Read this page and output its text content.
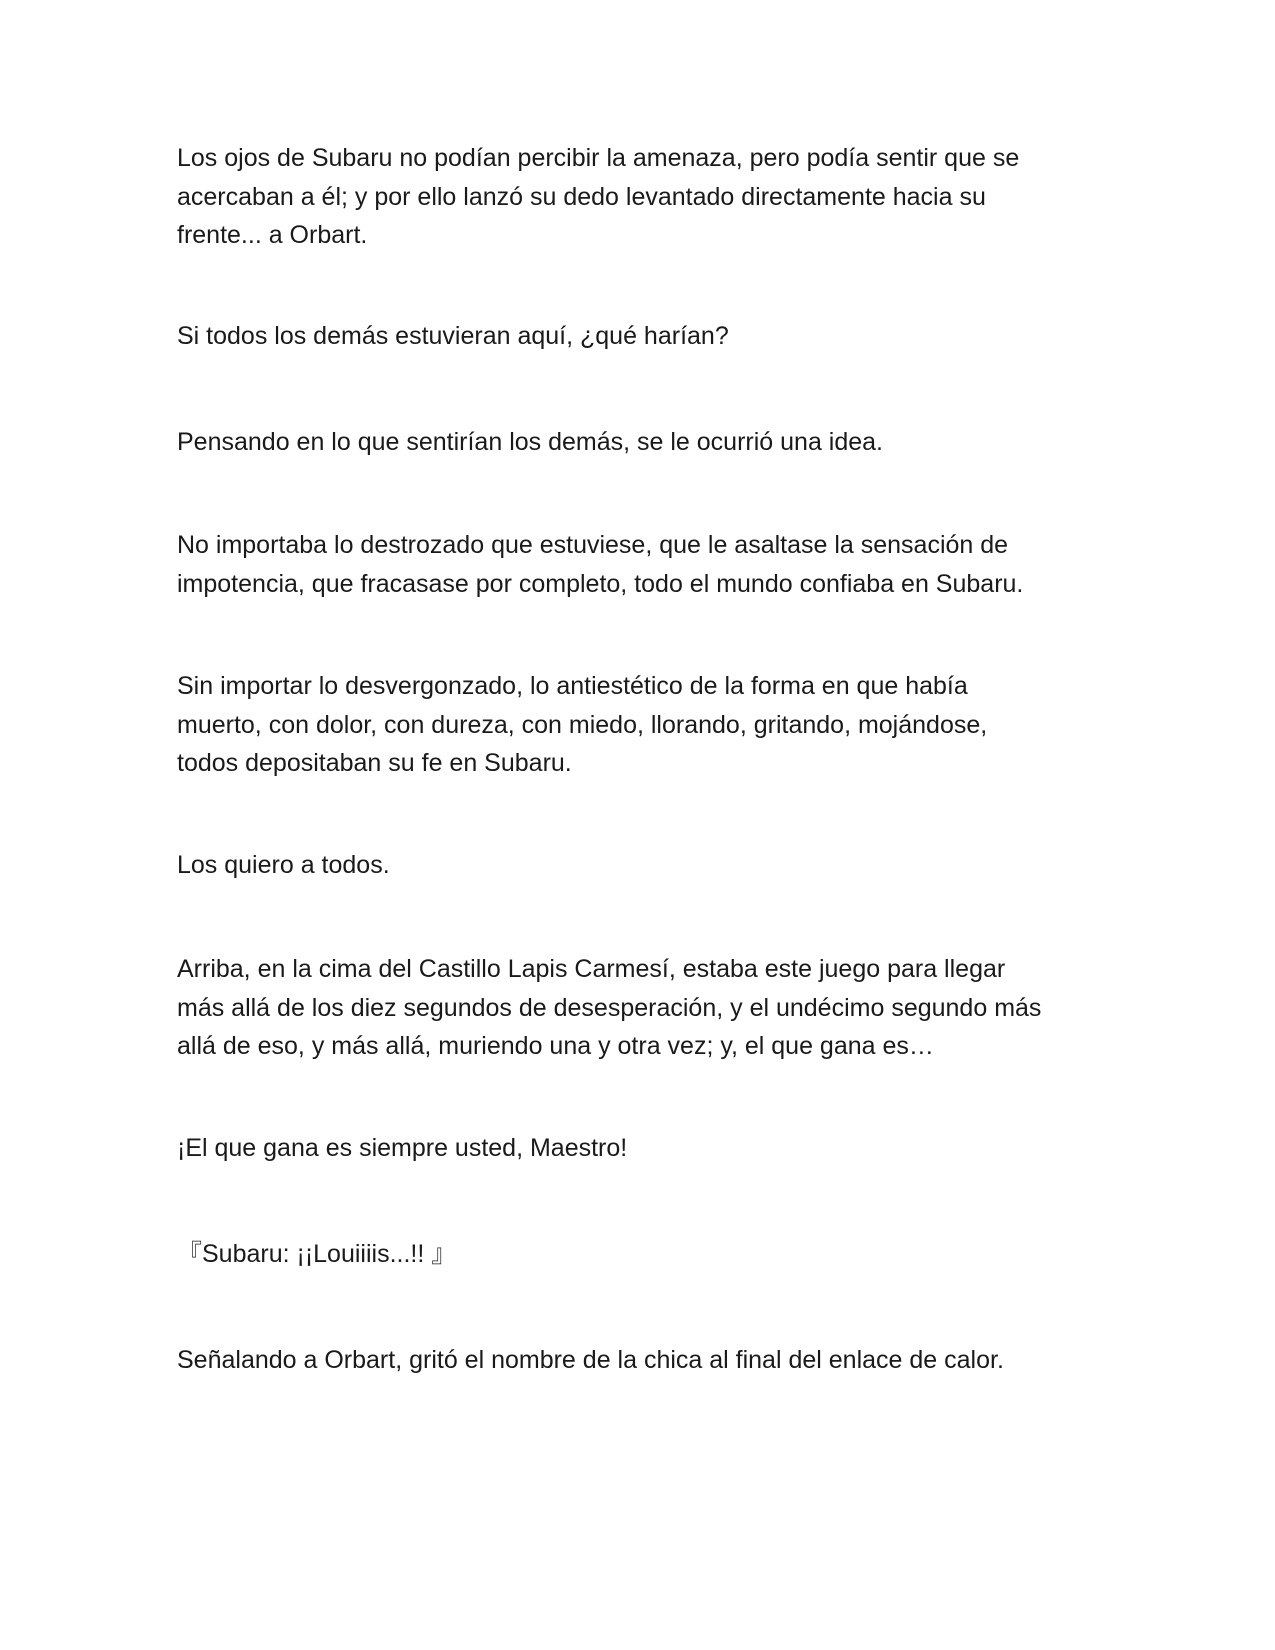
Los ojos de Subaru no podían percibir la amenaza, pero podía sentir que se
acercaban a él; y por ello lanzó su dedo levantado directamente hacia su
frente... a Orbart.

Si todos los demás estuvieran aquí, ¿qué harían?

Pensando en lo que sentirían los demás, se le ocurrió una idea.

No importaba lo destrozado que estuviese, que le asaltase la sensación de
impotencia, que fracasase por completo, todo el mundo confiaba en Subaru.

Sin importar lo desvergonzado, lo antiestético de la forma en que había
muerto, con dolor, con dureza, con miedo, llorando, gritando, mojándose,
todos depositaban su fe en Subaru.

Los quiero a todos.

Arriba, en la cima del Castillo Lapis Carmesí, estaba este juego para llegar
más allá de los diez segundos de desesperación, y el undécimo segundo más
allá de eso, y más allá, muriendo una y otra vez; y, el que gana es…

¡El que gana es siempre usted, Maestro!

『Subaru: ¡¡Louiiiis...!! 』

Señalando a Orbart, gritó el nombre de la chica al final del enlace de calor.
